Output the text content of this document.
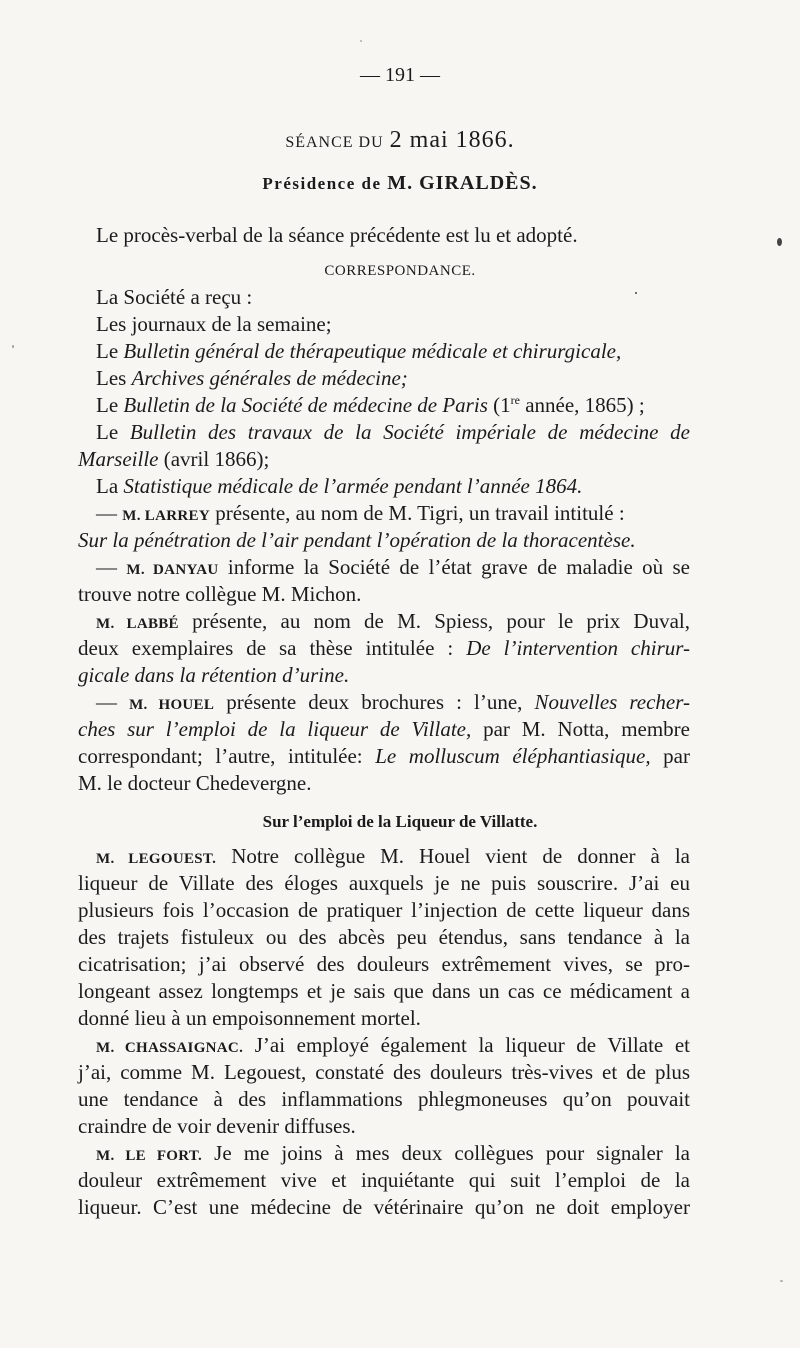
— 191 —
SÉANCE DU 2 mai 1866.
Présidence de M. GIRALDÈS.
Le procès-verbal de la séance précédente est lu et adopté.
CORRESPONDANCE.
La Société a reçu :
Les journaux de la semaine;
Le Bulletin général de thérapeutique médicale et chirurgicale,
Les Archives générales de médecine;
Le Bulletin de la Société de médecine de Paris (1re année, 1865) ;
Le Bulletin des travaux de la Société impériale de médecine de
Marseille (avril 1866);
La Statistique médicale de l’armée pendant l’année 1864.
— M. LARREY présente, au nom de M. Tigri, un travail intitulé :
Sur la pénétration de l’air pendant l’opération de la thoracentèse.
— M. DANYAU informe la Société de l’état grave de maladie où se
trouve notre collègue M. Michon.
M. LABBÉ présente, au nom de M. Spiess, pour le prix Duval,
deux exemplaires de sa thèse intitulée : De l’intervention chirur-
gicale dans la rétention d’urine.
— M. HOUEL présente deux brochures : l’une, Nouvelles recher-
ches sur l’emploi de la liqueur de Villate, par M. Notta, membre
correspondant; l’autre, intitulée: Le molluscum éléphantiasique, par
M. le docteur Chedevergne.
Sur l’emploi de la Liqueur de Villatte.
M. LEGOUEST. Notre collègue M. Houel vient de donner à la
liqueur de Villate des éloges auxquels je ne puis souscrire. J’ai eu
plusieurs fois l’occasion de pratiquer l’injection de cette liqueur dans
des trajets fistuleux ou des abcès peu étendus, sans tendance à la
cicatrisation; j’ai observé des douleurs extrêmement vives, se pro-
longeant assez longtemps et je sais que dans un cas ce médicament a
donné lieu à un empoisonnement mortel.
M. CHASSAIGNAC. J’ai employé également la liqueur de Villate et
j’ai, comme M. Legouest, constaté des douleurs très-vives et de plus
une tendance à des inflammations phlegmoneuses qu’on pouvait
craindre de voir devenir diffuses.
M. LE FORT. Je me joins à mes deux collègues pour signaler la
douleur extrêmement vive et inquiétante qui suit l’emploi de la
liqueur. C’est une médecine de vétérinaire qu’on ne doit employer
